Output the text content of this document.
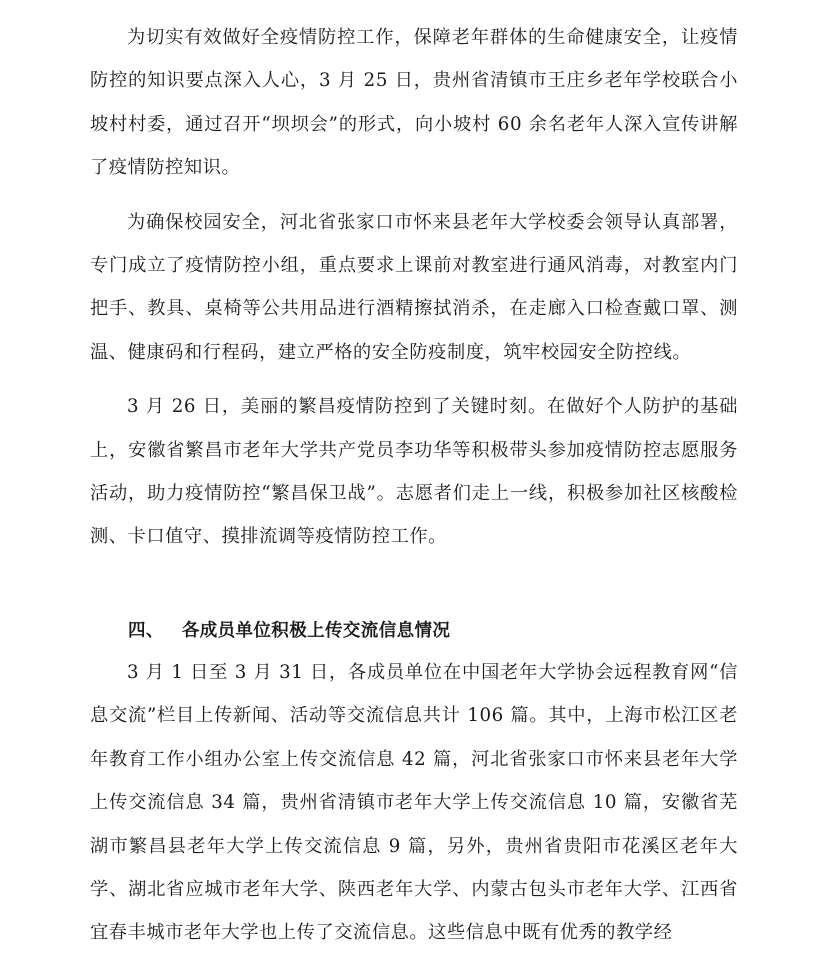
为切实有效做好全疫情防控工作，保障老年群体的生命健康安全，让疫情防控的知识要点深入人心，3 月 25 日，贵州省清镇市王庄乡老年学校联合小坡村村委，通过召开“坝坝会”的形式，向小坡村 60 余名老年人深入宣传讲解了疫情防控知识。

为确保校园安全，河北省张家口市怀来县老年大学校委会领导认真部署，专门成立了疫情防控小组，重点要求上课前对教室进行通风消毒，对教室内门把手、教具、桌椅等公共用品进行酒精擦拭消杀，在走廊入口检查戴口罩、测温、健康码和行程码，建立严格的安全防疫制度，筑牢校园安全防控线。

3 月 26 日，美丽的繁昌疫情防控到了关键时刻。在做好个人防护的基础上，安徽省繁昌市老年大学共产党员李功华等积极带头参加疫情防控志愿服务活动，助力疫情防控“繁昌保卫战”。志愿者们走上一线，积极参加社区核酸检测、卡口值守、摸排流调等疫情防控工作。

四、 各成员单位积极上传交流信息情况

3 月 1 日至 3 月 31 日，各成员单位在中国老年大学协会远程教育网“信息交流”栏目上传新闻、活动等交流信息共计 106 篇。其中，上海市松江区老年教育工作小组办公室上传交流信息 42 篇，河北省张家口市怀来县老年大学上传交流信息 34 篇，贵州省清镇市老年大学上传交流信息 10 篇，安徽省芜湖市繁昌县老年大学上传交流信息 9 篇，另外，贵州省贵阳市花溪区老年大学、湖北省应城市老年大学、陕西老年大学、内蒙古包头市老年大学、江西省宜春丰城市老年大学也上传了交流信息。这些信息中既有优秀的教学经
